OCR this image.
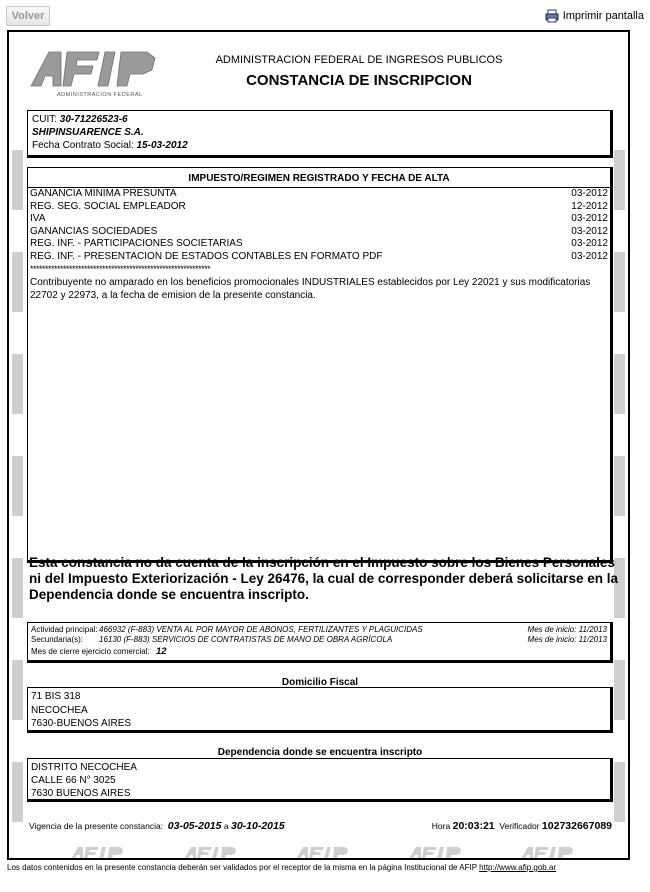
Volver	Imprimir pantalla
ADMINISTRACION FEDERAL
ADMINISTRACION FEDERAL DE INGRESOS PUBLICOS
CONSTANCIA DE INSCRIPCION
CUIT: 30-71226523-6
SHIPINSUARENCE S.A.
Fecha Contrato Social: 15-03-2012
IMPUESTO/REGIMEN REGISTRADO Y FECHA DE ALTA
GANANCIA MINIMA PRESUNTA	03-2012
REG. SEG. SOCIAL EMPLEADOR	12-2012
IVA	03-2012
GANANCIAS SOCIEDADES	03-2012
REG. INF. - PARTICIPACIONES SOCIETARIAS	03-2012
REG. INF. - PRESENTACION DE ESTADOS CONTABLES EN FORMATO PDF	03-2012
************************************************************
Contribuyente no amparado en los beneficios promocionales INDUSTRIALES establecidos por Ley 22021 y sus modificatorias 22702 y 22973, a la fecha de emision de la presente constancia.
Esta constancia no da cuenta de la inscripción en el Impuesto sobre los Bienes Personales ni del Impuesto Exteriorización - Ley 26476, la cual de corresponder deberá solicitarse en la Dependencia donde se encuentra inscripto.
Actividad principal: 466932 (F-883) VENTA AL POR MAYOR DE ABONOS, FERTILIZANTES Y PLAGUICIDAS	Mes de inicio: 11/2013
Secundaria(s):	16130 (F-883) SERVICIOS DE CONTRATISTAS DE MANO DE OBRA AGRÍCOLA	Mes de inicio: 11/2013
Mes de cierre ejercicio comercial: 12
Domicilio Fiscal
71 BIS 318
NECOCHEA
7630-BUENOS AIRES
Dependencia donde se encuentra inscripto
DISTRITO NECOCHEA
CALLE 66 N° 3025
7630 BUENOS AIRES
Vigencia de la presente constancia: 03-05-2015 a 30-10-2015	Hora 20:03:21 Verificador 102732667089
Los datos contenidos en la presente constancia deberán ser validados por el receptor de la misma en la página Institucional de AFIP http://www.afip.gob.ar
